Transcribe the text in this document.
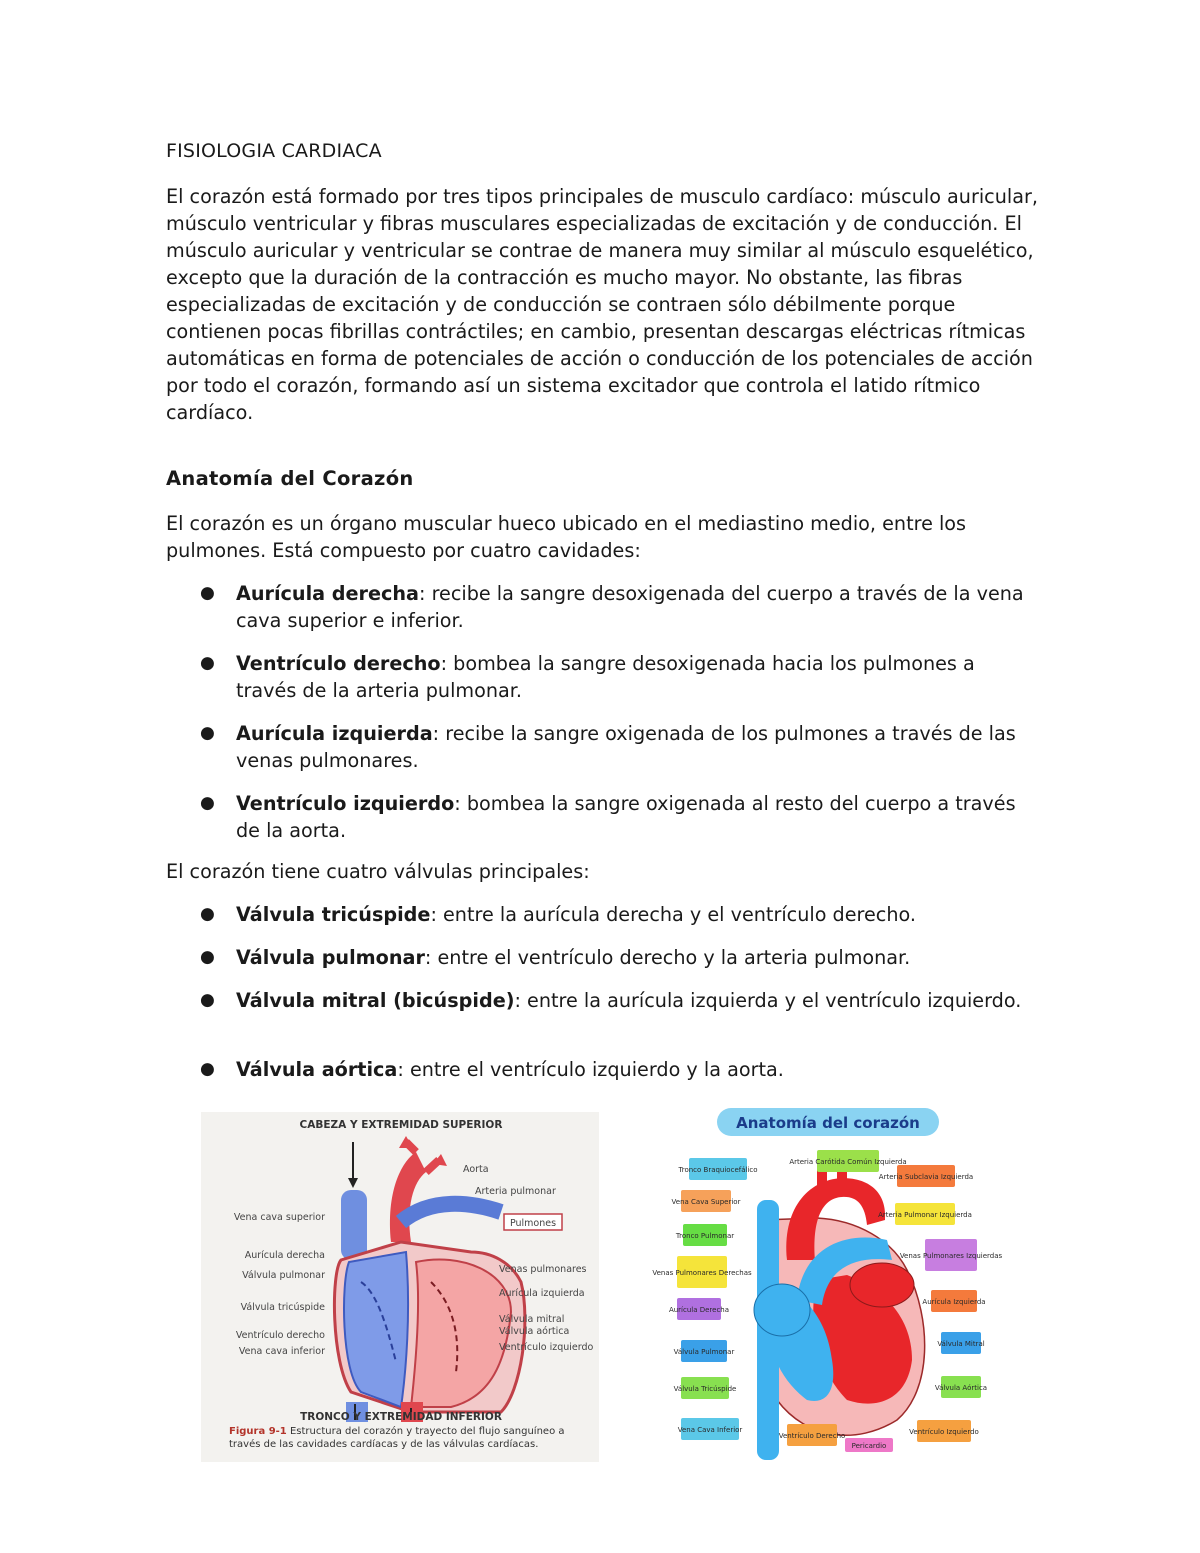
FISIOLOGIA CARDIACA
El corazón está formado por tres tipos principales de musculo cardíaco: músculo auricular, músculo ventricular y fibras musculares especializadas de excitación y de conducción. El músculo auricular y ventricular se contrae de manera muy similar al músculo esquelético, excepto que la duración de la contracción es mucho mayor. No obstante, las fibras especializadas de excitación y de conducción se contraen sólo débilmente porque contienen pocas fibrillas contráctiles; en cambio, presentan descargas eléctricas rítmicas automáticas en forma de potenciales de acción o conducción de los potenciales de acción por todo el corazón, formando así un sistema excitador que controla el latido rítmico cardíaco.
Anatomía del Corazón
El corazón es un órgano muscular hueco ubicado en el mediastino medio, entre los pulmones. Está compuesto por cuatro cavidades:
● Aurícula derecha: recibe la sangre desoxigenada del cuerpo a través de la vena cava superior e inferior.
● Ventrículo derecho: bombea la sangre desoxigenada hacia los pulmones a través de la arteria pulmonar.
● Aurícula izquierda: recibe la sangre oxigenada de los pulmones a través de las venas pulmonares.
● Ventrículo izquierdo: bombea la sangre oxigenada al resto del cuerpo a través de la aorta.
El corazón tiene cuatro válvulas principales:
● Válvula tricúspide: entre la aurícula derecha y el ventrículo derecho.
● Válvula pulmonar: entre el ventrículo derecho y la arteria pulmonar.
● Válvula mitral (bicúspide): entre la aurícula izquierda y el ventrículo izquierdo.
● Válvula aórtica: entre el ventrículo izquierdo y la aorta.
CABEZA Y EXTREMIDAD SUPERIOR
Vena cava superior
Aurícula derecha
Válvula pulmonar
Válvula tricúspide
Ventrículo derecho
Vena cava inferior
Aorta
Arteria pulmonar
Pulmones
Venas pulmonares
Aurícula izquierda
Válvula mitral
Válvula aórtica
Ventrículo izquierdo
TRONCO Y EXTREMIDAD INFERIOR
Figura 9-1 Estructura del corazón y trayecto del flujo sanguíneo a través de las cavidades cardíacas y de las válvulas cardíacas.
Anatomía del corazón
Tronco Braquiocefálico
Arteria Carótida Común Izquierda
Arteria Subclavia Izquierda
Vena Cava Superior
Arteria Pulmonar Izquierda
Tronco Pulmonar
Venas Pulmonares Izquierdas
Venas Pulmonares Derechas
Aurícula Derecha
Aurícula Izquierda
Válvula Pulmonar
Válvula Mitral
Válvula Tricúspide	Válvula Aórtica
Vena Cava Inferior
Ventrículo Derecho	Ventrículo Izquierdo
Pericardio
